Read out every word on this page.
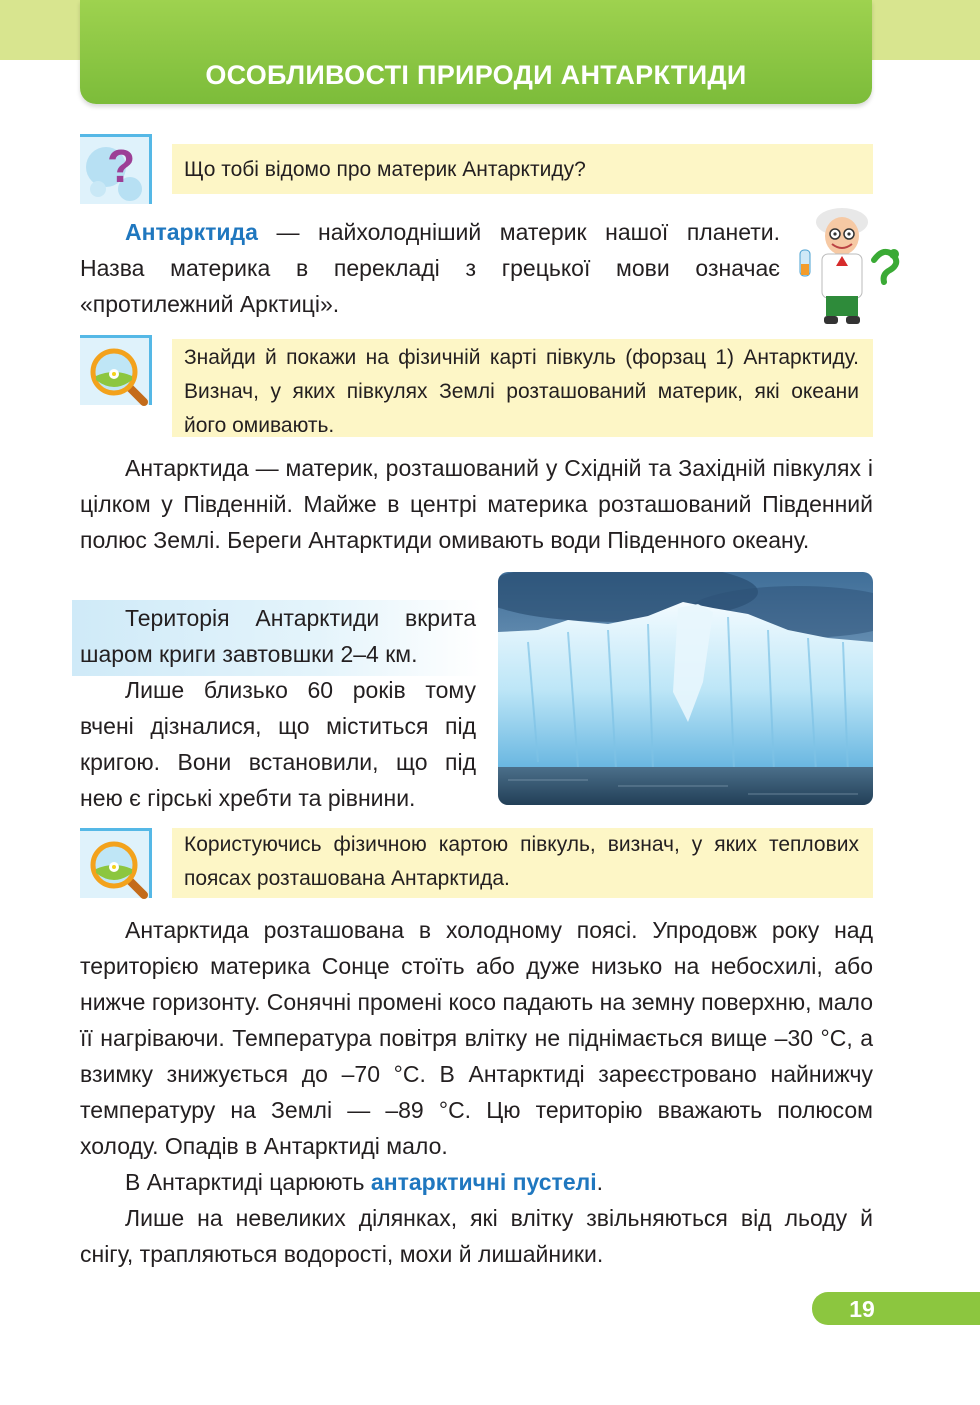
ОСОБЛИВОСТІ ПРИРОДИ АНТАРКТИДИ
?	Що тобі відомо про материк Антарктиду?
Антарктида — найхолодніший материк нашої планети. Назва материка в перекладі з грецької мови означає «протилежний Арктиці».
Знайди й покажи на фізичній карті півкуль (форзац 1) Антарктиду. Визнач, у яких півкулях Землі розташований материк, які океани його омивають.
Антарктида — материк, розташований у Східній та Західній півкулях і цілком у Південній. Майже в центрі материка розташований Південний полюс Землі. Береги Антарктиди омивають води Південного океану.
Територія Антарктиди вкрита шаром криги завтовшки 2–4 км.
Лише близько 60 років тому вчені дізналися, що міститься під кригою. Вони встановили, що під нею є гірські хребти та рівнини.
Користуючись фізичною картою півкуль, визнач, у яких теплових поясах розташована Антарктида.
Антарктида розташована в холодному поясі. Упродовж року над територією материка Сонце стоїть або дуже низько на небосхилі, або нижче горизонту. Сонячні промені косо падають на земну поверхню, мало її нагріваючи. Температура повітря влітку не піднімається вище –30 °C, а взимку знижується до –70 °C. В Антарктиді зареєстровано найнижчу температуру на Землі — –89 °C. Цю територію вважають полюсом холоду. Опадів в Антарктиді мало.
В Антарктиді царюють антарктичні пустелі.
Лише на невеликих ділянках, які влітку звільняються від льоду й снігу, трапляються водорості, мохи й лишайники.
19
